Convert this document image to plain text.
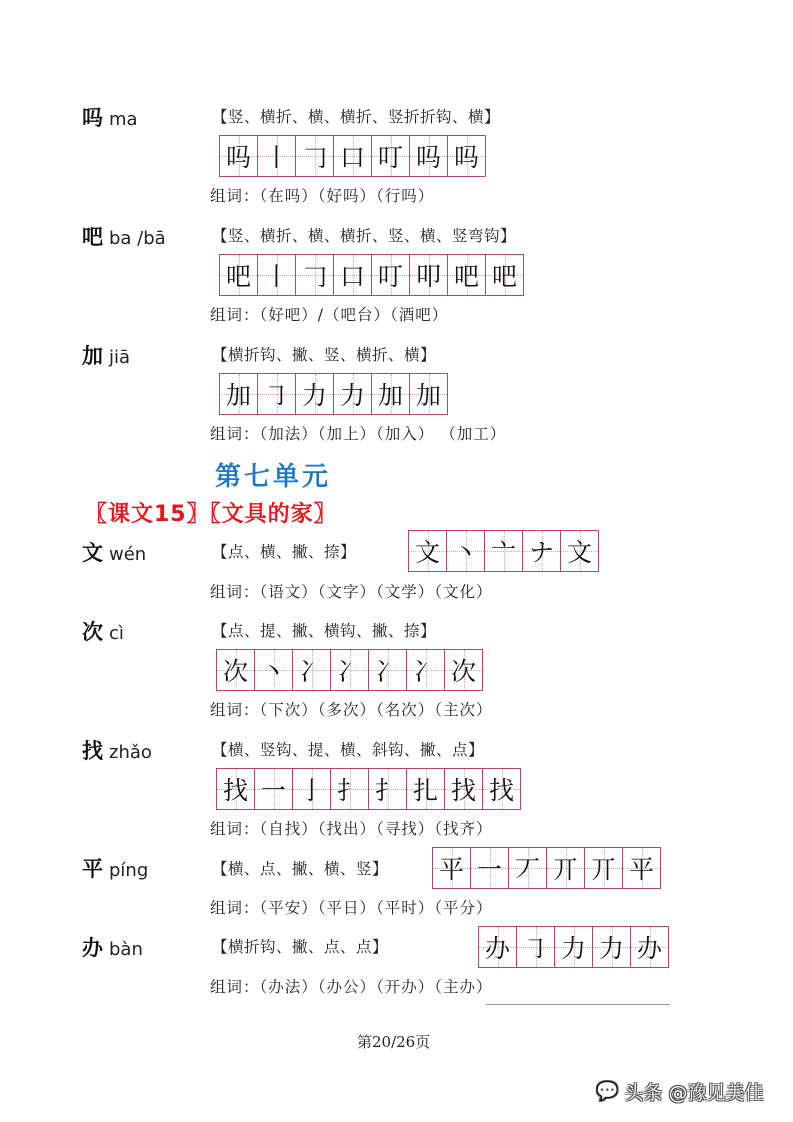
吗 ma	【竖、横折、横、横折、竖折折钩、横】
吗 丨 𠃌 口 叮 吗 吗
组词：（在吗）（好吗）（行吗）
吧 ba /bā	【竖、横折、横、横折、竖、横、竖弯钩】
吧 丨 𠃌 口 叮 叩 吧 吧
组词：（好吧）/（吧台）（酒吧）
加 jiā	【横折钩、撇、竖、横折、横】
加 ㇆ 力 力 加 加
组词：（加法）（加上）（加入） （加工）
第七单元
〖课文15〗〖文具的家〗
文 wén	【点、横、撇、捺】 文 丶 亠 ナ 文
组词：（语文）（文字）（文学）（文化）
次 cì	【点、提、撇、横钩、撇、捺】
次 丶 冫 冫 冫 冫 次
组词：（下次）（多次）（名次）（主次）
找 zhǎo	【横、竖钩、提、横、斜钩、撇、点】
找 一 亅 扌 扌 扎 找 找
组词：（自找）（找出）（寻找）（找齐）
平 píng	【横、点、撇、横、竖】 平 一 丆 丌 丌 平
组词：（平安）（平日）（平时）（平分）
办 bàn	【横折钩、撇、点、点】	办 ㇆ 力 力 办
组词：（办法）（办公）（开办）（主办）
第20/26页
💬 头条 @豫见美佳
